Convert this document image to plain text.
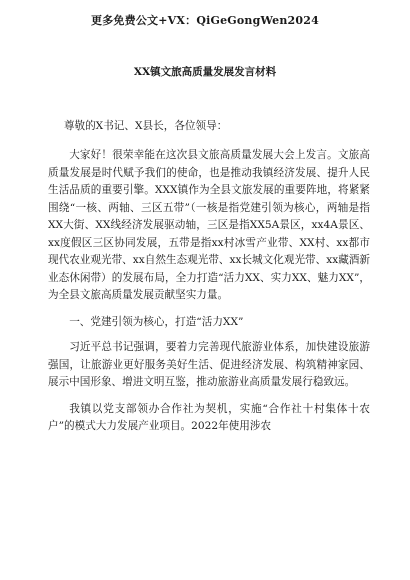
更多免费公文+VX：QiGeGongWen2024
XX镇文旅高质量发展发言材料

尊敬的X书记、X县长，各位领导：

大家好！很荣幸能在这次县文旅高质量发展大会上发言。文旅高质量发展是时代赋予我们的使命，也是推动我镇经济发展、提升人民生活品质的重要引擎。XXX镇作为全县文旅发展的重要阵地，将紧紧围绕“一核、两轴、三区五带”（一核是指党建引领为核心，两轴是指XX大街、XX线经济发展驱动轴，三区是指XX5A景区，xx4A景区、xx度假区三区协同发展，五带是指xx村冰雪产业带、XX村、xx都市现代农业观光带、xx自然生态观光带、xx长城文化观光带、xx藏酒新业态休闲带）的发展布局，全力打造“活力XX、实力XX、魅力XX”，为全县文旅高质量发展贡献坚实力量。

一、党建引领为核心，打造“活力XX”

习近平总书记强调，要着力完善现代旅游业体系，加快建设旅游强国，让旅游业更好服务美好生活、促进经济发展、构筑精神家园、展示中国形象、增进文明互鉴，推动旅游业高质量发展行稳致远。

我镇以党支部领办合作社为契机，实施“合作社十村集体十农户”的模式大力发展产业项目。2022年使用涉农
